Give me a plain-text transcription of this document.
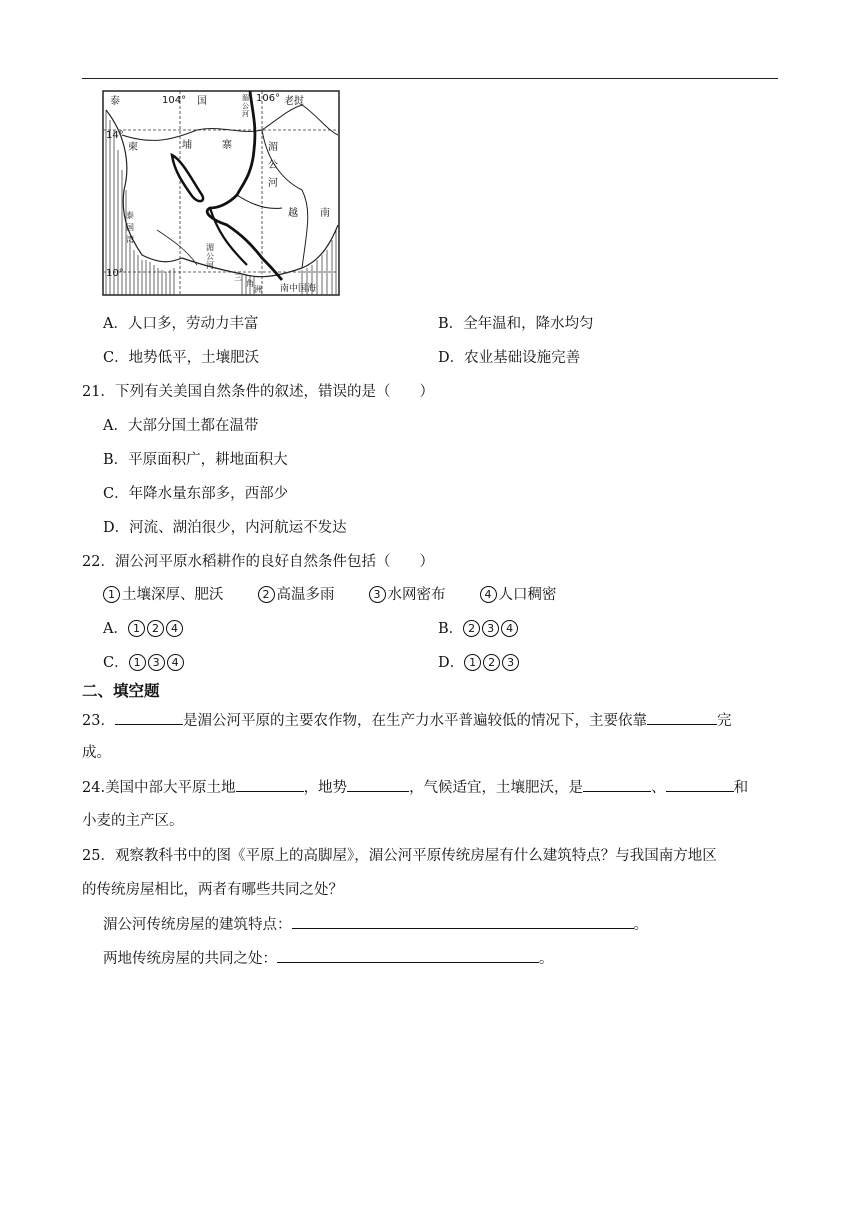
泰	104° 国	湄
公
河
106° 老挝
14°
柬	埔	寨	湄
公
河
越 南
湄
公
河
10°	三
角
洲 南中国海
泰
国
湾
A．人口多，劳动力丰富	B．全年温和，降水均匀
C．地势低平，土壤肥沃	D．农业基础设施完善
21．下列有关美国自然条件的叙述，错误的是（　　）
A．大部分国土都在温带
B．平原面积广，耕地面积大
C．年降水量东部多，西部少
D．河流、湖泊很少，内河航运不发达
22．湄公河平原水稻耕作的良好自然条件包括（　　）
1 土壤深厚、肥沃	2 高温多雨	3 水网密布	4 人口稠密
A． 1 2 4	B． 2 3 4
C． 1 3 4	D． 1 2 3
二、填空题
23．	是湄公河平原的主要农作物，在生产力水平普遍较低的情况下，主要依靠	完
成。
24.美国中部大平原土地	，地势	，气候适宜，土壤肥沃，是	、	和
小麦的主产区。
25．观察教科书中的图《平原上的高脚屋》，湄公河平原传统房屋有什么建筑特点？与我国南方地区
的传统房屋相比，两者有哪些共同之处？
湄公河传统房屋的建筑特点：	。
两地传统房屋的共同之处：	。
